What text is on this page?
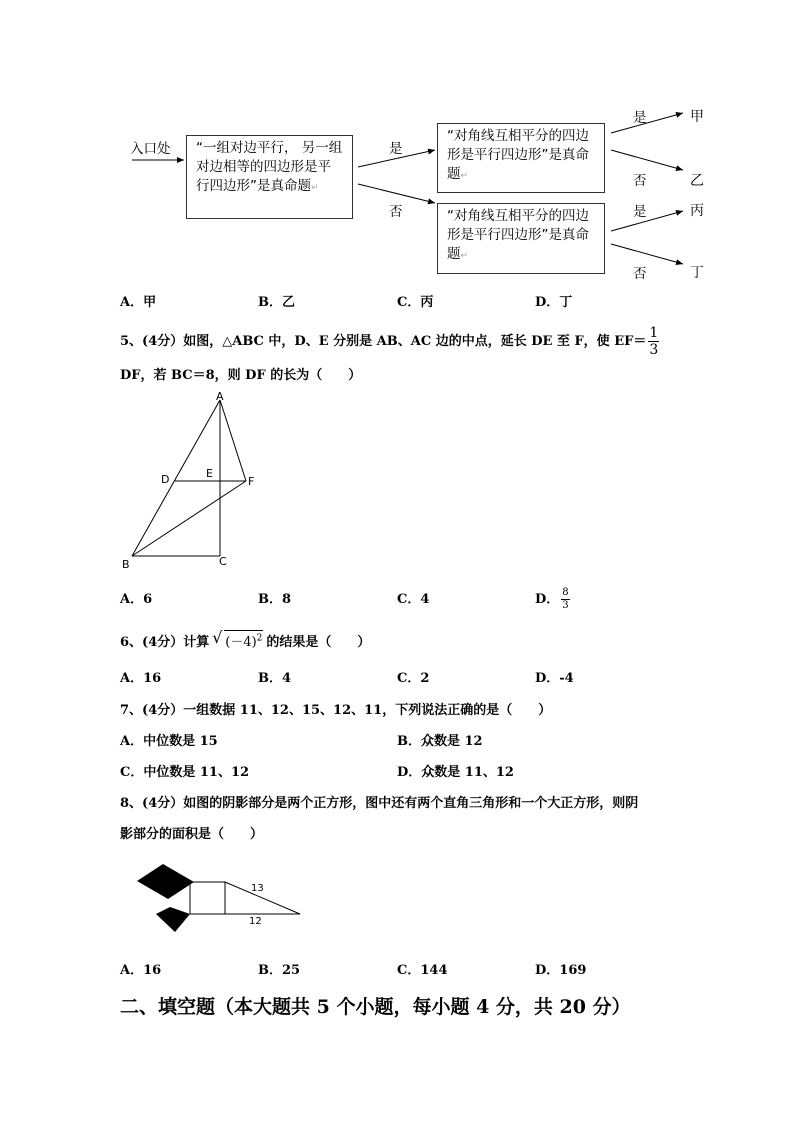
入口处	“一组对边平行， 另一组对边相等的四边形是平行四边形”是真命题↵
“对角线互相平分的四边形是平行四边形”是真命题↵
“对角线互相平分的四边形是平行四边形”是真命题↵
是
否
是
否
是
否
甲
乙
丙
丁
A．甲	B．乙	C．丙	D．丁
5、(4分）如图，△ABC 中，D、E 分别是 AB、AC 边的中点，延长 DE 至 F，使 $EF= \frac{1}{3}$
DF，若 BC＝8，则 DF 的长为（　　）
A
B	C
D	E
F
A．6	B．8	C．4	D． $\frac{8}{3}$
6、(4分）计算 √ $(-4)^2$ 的结果是（　　）
A．16	B．4	C．2	D．-4
7、(4分）一组数据 11、12、15、12、11，下列说法正确的是（　　）
A．中位数是 15	B．众数是 12
C．中位数是 11、12	D．众数是 11、12
8、(4分）如图的阴影部分是两个正方形，图中还有两个直角三角形和一个大正方形，则阴
影部分的面积是（　　）
13
12
A．16	B．25	C．144	D．169
二、填空题（本大题共 5 个小题，每小题 4 分，共 20 分）
